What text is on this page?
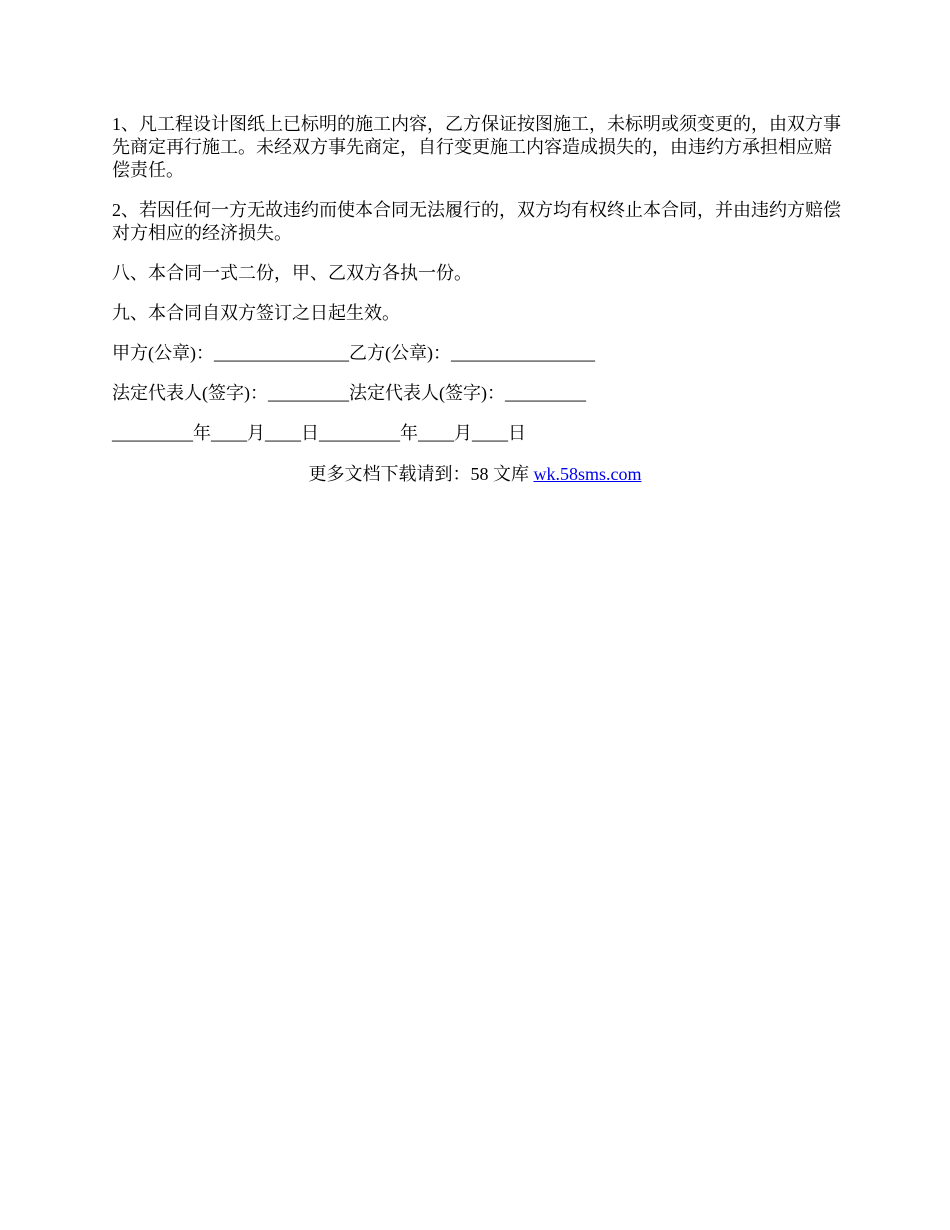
1、凡工程设计图纸上已标明的施工内容，乙方保证按图施工，未标明或须变更的，由双方事先商定再行施工。未经双方事先商定，自行变更施工内容造成损失的，由违约方承担相应赔偿责任。

2、若因任何一方无故违约而使本合同无法履行的，双方均有权终止本合同，并由违约方赔偿对方相应的经济损失。

八、本合同一式二份，甲、乙双方各执一份。

九、本合同自双方签订之日起生效。

甲方(公章)：_______________乙方(公章)：________________
法定代表人(签字)：_________法定代表人(签字)：_________
_________年____月____日_________年____月____日
更多文档下载请到：58 文库 wk.58sms.com
